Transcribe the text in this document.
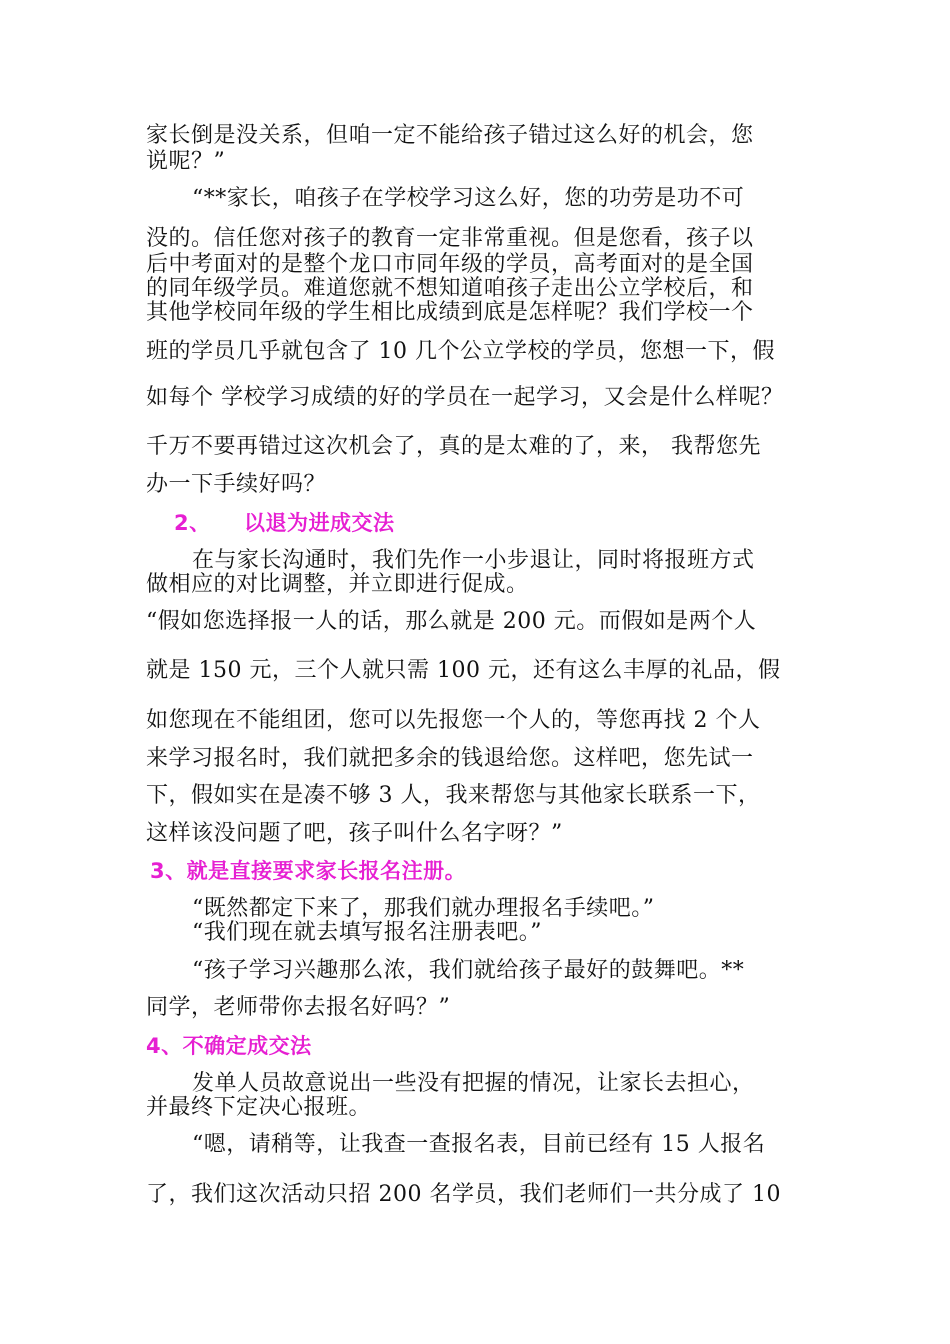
家长倒是没关系，但咱一定不能给孩子错过这么好的机会，您
说呢？”
“**家长，咱孩子在学校学习这么好，您的功劳是功不可
没的。信任您对孩子的教育一定非常重视。但是您看，孩子以
后中考面对的是整个龙口市同年级的学员，高考面对的是全国
的同年级学员。难道您就不想知道咱孩子走出公立学校后，和
其他学校同年级的学生相比成绩到底是怎样呢？我们学校一个
班的学员几乎就包含了 10 几个公立学校的学员，您想一下，假
如每个 学校学习成绩的好的学员在一起学习，又会是什么样呢？
千万不要再错过这次机会了，真的是太难的了，来， 我帮您先
办一下手续好吗？
2、 以退为进成交法
在与家长沟通时，我们先作一小步退让，同时将报班方式
做相应的对比调整，并立即进行促成。
“假如您选择报一人的话，那么就是 200 元。而假如是两个人
就是 150 元，三个人就只需 100 元，还有这么丰厚的礼品，假
如您现在不能组团，您可以先报您一个人的，等您再找 2 个人
来学习报名时，我们就把多余的钱退给您。这样吧，您先试一
下，假如实在是凑不够 3 人，我来帮您与其他家长联系一下，
这样该没问题了吧，孩子叫什么名字呀？”
3、就是直接要求家长报名注册。
“既然都定下来了，那我们就办理报名手续吧。”
“我们现在就去填写报名注册表吧。”
“孩子学习兴趣那么浓，我们就给孩子最好的鼓舞吧。**
同学，老师带你去报名好吗？”
4、不确定成交法
发单人员故意说出一些没有把握的情况，让家长去担心，
并最终下定决心报班。
“嗯，请稍等，让我查一查报名表，目前已经有 15 人报名
了，我们这次活动只招 200 名学员，我们老师们一共分成了 10
